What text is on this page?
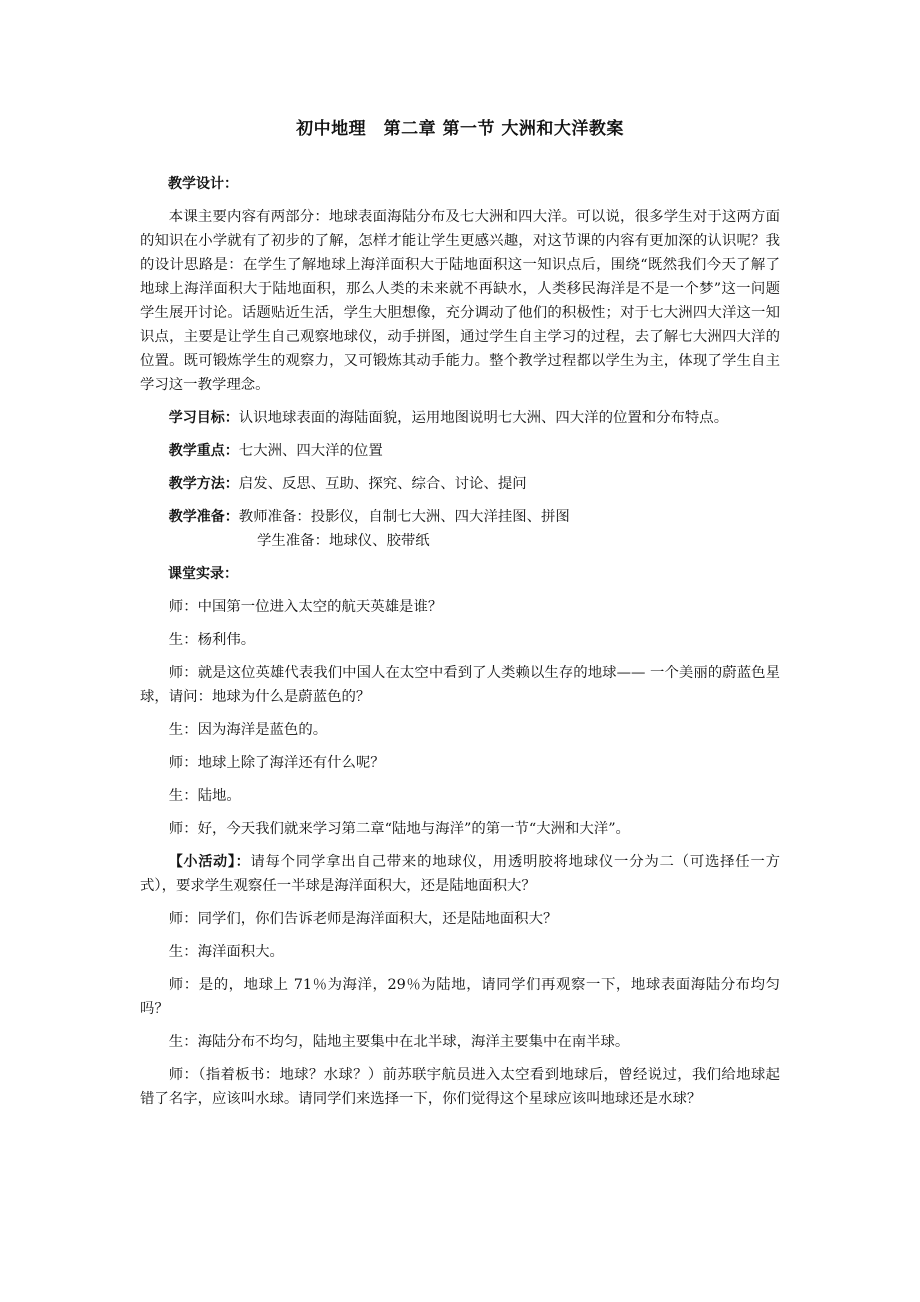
初中地理　第二章 第一节 大洲和大洋教案

教学设计：

本课主要内容有两部分：地球表面海陆分布及七大洲和四大洋。可以说，很多学生对于这两方面的知识在小学就有了初步的了解，怎样才能让学生更感兴趣，对这节课的内容有更加深的认识呢？我的设计思路是：在学生了解地球上海洋面积大于陆地面积这一知识点后，围绕“既然我们今天了解了地球上海洋面积大于陆地面积，那么人类的未来就不再缺水，人类移民海洋是不是一个梦”这一问题学生展开讨论。话题贴近生活，学生大胆想像，充分调动了他们的积极性；对于七大洲四大洋这一知识点，主要是让学生自己观察地球仪，动手拼图，通过学生自主学习的过程，去了解七大洲四大洋的位置。既可锻炼学生的观察力，又可锻炼其动手能力。整个教学过程都以学生为主，体现了学生自主学习这一教学理念。

学习目标：认识地球表面的海陆面貌，运用地图说明七大洲、四大洋的位置和分布特点。

教学重点：七大洲、四大洋的位置

教学方法：启发、反思、互助、探究、综合、讨论、提问

教学准备：教师准备：投影仪，自制七大洲、四大洋挂图、拼图

学生准备：地球仪、胶带纸

课堂实录：

师：中国第一位进入太空的航天英雄是谁？

生：杨利伟。

师：就是这位英雄代表我们中国人在太空中看到了人类赖以生存的地球—— 一个美丽的蔚蓝色星球，请问：地球为什么是蔚蓝色的？

生：因为海洋是蓝色的。

师：地球上除了海洋还有什么呢？

生：陆地。

师：好，今天我们就来学习第二章“陆地与海洋”的第一节“大洲和大洋”。

【小活动】：请每个同学拿出自己带来的地球仪，用透明胶将地球仪一分为二（可选择任一方式），要求学生观察任一半球是海洋面积大，还是陆地面积大？

师：同学们，你们告诉老师是海洋面积大，还是陆地面积大？

生：海洋面积大。

师：是的，地球上 71％为海洋，29％为陆地，请同学们再观察一下，地球表面海陆分布均匀吗？

生：海陆分布不均匀，陆地主要集中在北半球，海洋主要集中在南半球。

师：（指着板书：地球？水球？）前苏联宇航员进入太空看到地球后，曾经说过，我们给地球起错了名字，应该叫水球。请同学们来选择一下，你们觉得这个星球应该叫地球还是水球？
